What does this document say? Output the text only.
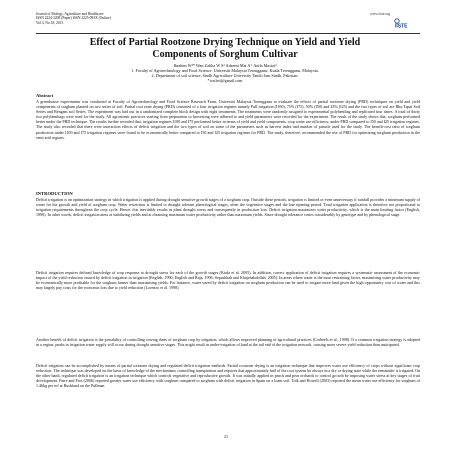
Journal of Biology, Agriculture and Healthcare
ISSN 2224-3208 (Paper) ISSN 2225-093X (Online)
Vol.3, No.18, 2013
www.iiste.org
IISTE
Effect of Partial Rootzone Drying Technique on Yield and Yield
Components of Sorghum Cultivar
Ibrahim W¹* Wan Zaliha W S¹ Adzemi Mat A ¹ Anila Mastoi²
1. Faculty of Agrotechnology and Food Science. Universiti Malaysia Terengganu, Kuala Terengganu, Malaysia.
2. Department of soil science, Sindh Agriculture University Tando Jam Sindh, Pakistan.
*wsileti@gmail.com
Abstract

A greenhouse experiments was conducted at Faculty of Agrotechnology and Food Science Research Farm, Universiti Malaysia Terengganu to evaluate the effects of partial rootzone drying (PRD) techniques on yield and yield components of sorghum planted on two series of soil. Partial root zone drying (PRD) consisted of a four irrigation regimes namely Full irrigation (I100), 75% (I75), 50% (I50) and 25% (I25) and the two types of soil are Rhu Tapai Soil Series and Rengam soil Series. The experiment was laid out in a randomized complete block design with eight treatments. The treatments were randomly assigned to experimental polybenthag and replicated four times. A total of thirty two polybenthags were used for the study. All agronomic practices starting from preparation to harvesting were adhered to and yield parameters were recorded for the experiment. The result of the study shows that, sorghum performed better under the PRD technique. The results further revealed that, irrigation regimes I100 and I75 performed better in terms of yield and yield components, crop water use efficiency, under PRD compared to I50 and I25 irrigation regimes. The study also revealed that there were interaction effects of deficit irrigation and the two types of soil on some of the parameters such as harvest index and number of panicle used for the study. The benefit-cost ratio of sorghum production under I100 and I75 irrigation regimes were found to be economically better compared to I50 and I25 irrigation regimes for PRD. The study, therefore, recommended the use of PRD for optimizing sorghum production in the semi arid regions.

INTRODUCTION

Deficit irrigation is an optimization strategy in which irrigation is applied during drought sensitive growth stages of a sorghum crop. Outside these periods, irrigation is limited or even unnecessary if rainfall provides a minimum supply of water for the growth and yield of sorghum crop. Water restriction is limited to drought tolerant phenological stages, often the vegetative stages and the late ripening period. Total irrigation application is therefore not proportional to irrigation requirements throughout the crop cycle. Hence, this inevitably results in plant drought stress and consequently in production loss. Deficit irrigation maximizes water productivity, which is the main limiting factor (English, 1990). In other words, deficit irrigation aims at stabilizing yields and at obtaining maximum water productivity rather than maximum yields. Since drought tolerance varies considerably by genotype and by phenological stage.

Deficit irrigation requires defined knowledge of crop response to drought stress for each of the growth stages (Kirda et al. 2005). In addition, correct application of deficit irrigation requires a systematic assessment of the economic impact of the yield reduction caused by deficit irrigation in irrigation (English, 1990; English and Raja, 1996; Sepaskhah and Khajehabdollah, 2005). In areas where water is the most restraining factor, maximising water productivity may be economically more profitable for the sorghum farmer than maximising yields. For instance, water saved by deficit irrigation on sorghum production can be used to irrigate more land given the high opportunity cost of water and this may largely pay costs for the economic loss due to yield reduction (Lorenzo et al. 1998).

Another benefit of deficit irrigation is the possibility of controlling sowing dates of sorghum crop by irrigation, which allows improved planning of agricultural practices (Corbeels et al., 1998). If a common irrigation strategy is adopted in a region, peaks in irrigation water supply will occur during drought sensitive stages. This might result in under-irrigation of land at the tail end of the irrigation network, causing more severe yield reduction than anticipated.

Deficit irrigation can be accomplished by means of partial rootzone drying and regulated deficit irrigation methods. Partial rootzone drying is an irrigation technique that improves water use efficiency of crops without significant crop reduction. The technique was developed on the basis of knowledge of the mechanisms controlling transpiration and requires that approximately half of the root system be always in a dry or drying state while the remainder is irrigated. On the other hand, regulated deficit irrigation is an irrigation technique which controls vegetative and reproductive growth. It was initially applied in peach and pear orchards to control growth by imposing water stress at key stages of fruit development. Farre and Faci (2006) reported greater water use efficiency with sorghum compared to sorghum with deficit irrigation in Spain on a loam soil. Tolk and Howell (2003) reported the mean water use efficiency for sorghum of 1.46kg per m³ at Bushland on the Pullman

21
